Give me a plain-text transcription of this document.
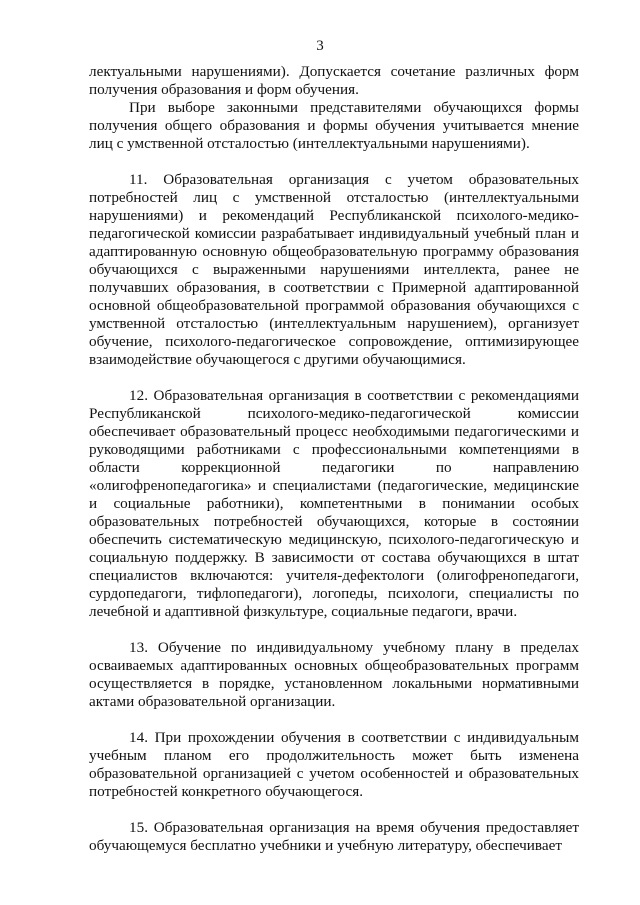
3

лектуальными нарушениями). Допускается сочетание различных форм получения образования и форм обучения.

При выборе законными представителями обучающихся формы получения общего образования и формы обучения учитывается мнение лиц с умственной отсталостью (интеллектуальными нарушениями).

11. Образовательная организация с учетом образовательных потребностей лиц с умственной отсталостью (интеллектуальными нарушениями) и рекомендаций Республиканской психолого-медико-педагогической комиссии разрабатывает индивидуальный учебный план и адаптированную основную общеобразовательную программу образования обучающихся с выраженными нарушениями интеллекта, ранее не получавших образования, в соответствии с Примерной адаптированной основной общеобразовательной программой образования обучающихся с умственной отсталостью (интеллектуальным нарушением), организует обучение, психолого-педагогическое сопровождение, оптимизирующее взаимодействие обучающегося с другими обучающимися.

12. Образовательная организация в соответствии с рекомендациями Республиканской психолого-медико-педагогической комиссии обеспечивает образовательный процесс необходимыми педагогическими и руководящими работниками с профессиональными компетенциями в области коррекционной педагогики по направлению «олигофренопедагогика» и специалистами (педагогические, медицинские и социальные работники), компетентными в понимании особых образовательных потребностей обучающихся, которые в состоянии обеспечить систематическую медицинскую, психолого-педагогическую и социальную поддержку. В зависимости от состава обучающихся в штат специалистов включаются: учителя-дефектологи (олигофренопедагоги, сурдопедагоги, тифлопедагоги), логопеды, психологи, специалисты по лечебной и адаптивной физкультуре, социальные педагоги, врачи.

13. Обучение по индивидуальному учебному плану в пределах осваиваемых адаптированных основных общеобразовательных программ осуществляется в порядке, установленном локальными нормативными актами образовательной организации.

14. При прохождении обучения в соответствии с индивидуальным учебным планом его продолжительность может быть изменена образовательной организацией с учетом особенностей и образовательных потребностей конкретного обучающегося.

15. Образовательная организация на время обучения предоставляет обучающемуся бесплатно учебники и учебную литературу, обеспечивает
